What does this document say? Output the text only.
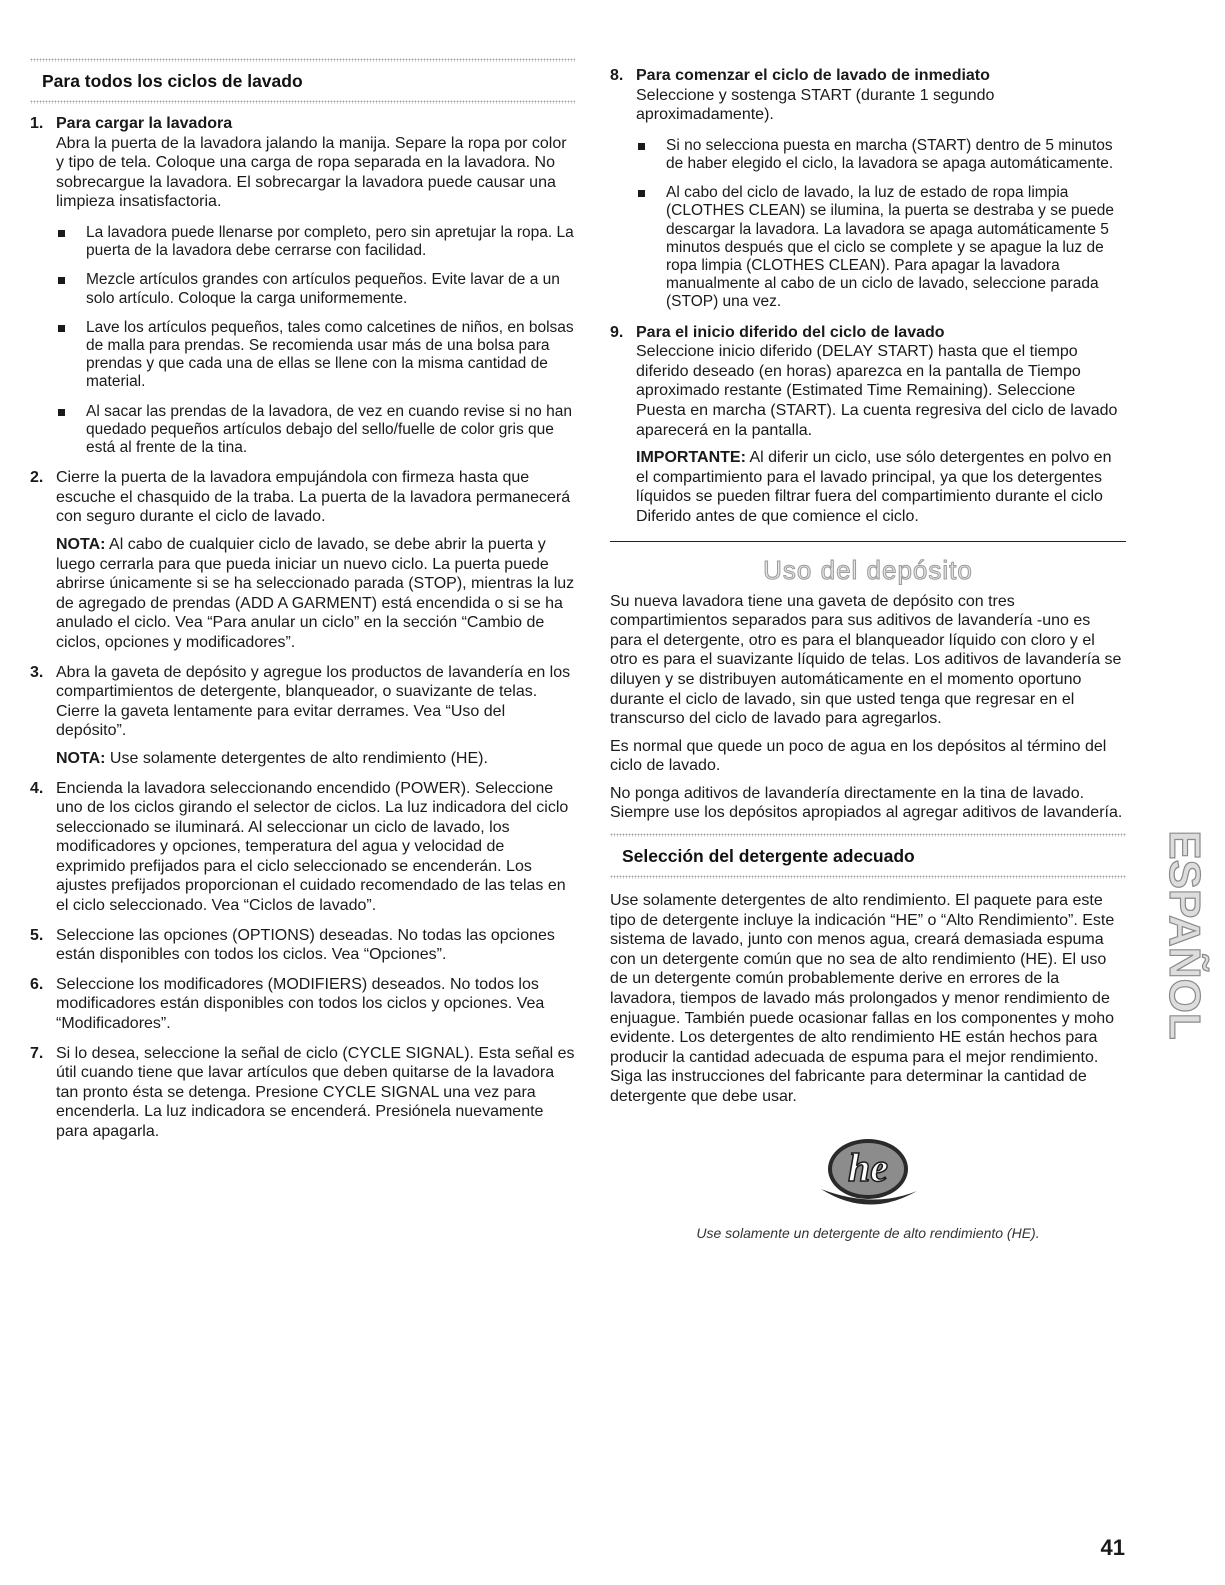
Para todos los ciclos de lavado
1. Para cargar la lavadora

Abra la puerta de la lavadora jalando la manija. Separe la ropa por color y tipo de tela. Coloque una carga de ropa separada en la lavadora. No sobrecargue la lavadora. El sobrecargar la lavadora puede causar una limpieza insatisfactoria.

La lavadora puede llenarse por completo, pero sin apretujar la ropa. La puerta de la lavadora debe cerrarse con facilidad.
Mezcle artículos grandes con artículos pequeños. Evite lavar de a un solo artículo. Coloque la carga uniformemente.
Lave los artículos pequeños, tales como calcetines de niños, en bolsas de malla para prendas. Se recomienda usar más de una bolsa para prendas y que cada una de ellas se llene con la misma cantidad de material.
Al sacar las prendas de la lavadora, de vez en cuando revise si no han quedado pequeños artículos debajo del sello/fuelle de color gris que está al frente de la tina.
2. Cierre la puerta de la lavadora empujándola con firmeza hasta que escuche el chasquido de la traba. La puerta de la lavadora permanecerá con seguro durante el ciclo de lavado.

NOTA: Al cabo de cualquier ciclo de lavado, se debe abrir la puerta y luego cerrarla para que pueda iniciar un nuevo ciclo. La puerta puede abrirse únicamente si se ha seleccionado parada (STOP), mientras la luz de agregado de prendas (ADD A GARMENT) está encendida o si se ha anulado el ciclo. Vea “Para anular un ciclo” en la sección “Cambio de ciclos, opciones y modificadores”.

3. Abra la gaveta de depósito y agregue los productos de lavandería en los compartimientos de detergente, blanqueador, o suavizante de telas. Cierre la gaveta lentamente para evitar derrames. Vea “Uso del depósito”.

NOTA: Use solamente detergentes de alto rendimiento (HE).

4. Encienda la lavadora seleccionando encendido (POWER). Seleccione uno de los ciclos girando el selector de ciclos. La luz indicadora del ciclo seleccionado se iluminará. Al seleccionar un ciclo de lavado, los modificadores y opciones, temperatura del agua y velocidad de exprimido prefijados para el ciclo seleccionado se encenderán. Los ajustes prefijados proporcionan el cuidado recomendado de las telas en el ciclo seleccionado. Vea “Ciclos de lavado”.

5. Seleccione las opciones (OPTIONS) deseadas. No todas las opciones están disponibles con todos los ciclos. Vea “Opciones”.

6. Seleccione los modificadores (MODIFIERS) deseados. No todos los modificadores están disponibles con todos los ciclos y opciones. Vea “Modificadores”.

7. Si lo desea, seleccione la señal de ciclo (CYCLE SIGNAL). Esta señal es útil cuando tiene que lavar artículos que deben quitarse de la lavadora tan pronto ésta se detenga. Presione CYCLE SIGNAL una vez para encenderla. La luz indicadora se encenderá. Presiónela nuevamente para apagarla.

8. Para comenzar el ciclo de lavado de inmediato

Seleccione y sostenga START (durante 1 segundo aproximadamente).

Si no selecciona puesta en marcha (START) dentro de 5 minutos de haber elegido el ciclo, la lavadora se apaga automáticamente.
Al cabo del ciclo de lavado, la luz de estado de ropa limpia (CLOTHES CLEAN) se ilumina, la puerta se destraba y se puede descargar la lavadora. La lavadora se apaga automáticamente 5 minutos después que el ciclo se complete y se apague la luz de ropa limpia (CLOTHES CLEAN). Para apagar la lavadora manualmente al cabo de un ciclo de lavado, seleccione parada (STOP) una vez.
9. Para el inicio diferido del ciclo de lavado

Seleccione inicio diferido (DELAY START) hasta que el tiempo diferido deseado (en horas) aparezca en la pantalla de Tiempo aproximado restante (Estimated Time Remaining). Seleccione Puesta en marcha (START). La cuenta regresiva del ciclo de lavado aparecerá en la pantalla.

IMPORTANTE: Al diferir un ciclo, use sólo detergentes en polvo en el compartimiento para el lavado principal, ya que los detergentes líquidos se pueden filtrar fuera del compartimiento durante el ciclo Diferido antes de que comience el ciclo.

Uso del depósito

Su nueva lavadora tiene una gaveta de depósito con tres compartimientos separados para sus aditivos de lavandería -uno es para el detergente, otro es para el blanqueador líquido con cloro y el otro es para el suavizante líquido de telas. Los aditivos de lavandería se diluyen y se distribuyen automáticamente en el momento oportuno durante el ciclo de lavado, sin que usted tenga que regresar en el transcurso del ciclo de lavado para agregarlos.

Es normal que quede un poco de agua en los depósitos al término del ciclo de lavado.

No ponga aditivos de lavandería directamente en la tina de lavado. Siempre use los depósitos apropiados al agregar aditivos de lavandería.

Selección del detergente adecuado

Use solamente detergentes de alto rendimiento. El paquete para este tipo de detergente incluye la indicación “HE” o “Alto Rendimiento”. Este sistema de lavado, junto con menos agua, creará demasiada espuma con un detergente común que no sea de alto rendimiento (HE). El uso de un detergente común probablemente derive en errores de la lavadora, tiempos de lavado más prolongados y menor rendimiento de enjuague. También puede ocasionar fallas en los componentes y moho evidente. Los detergentes de alto rendimiento HE están hechos para producir la cantidad adecuada de espuma para el mejor rendimiento. Siga las instrucciones del fabricante para determinar la cantidad de detergente que debe usar.

he
Use solamente un detergente de alto rendimiento (HE).
ESPAÑOL
41
